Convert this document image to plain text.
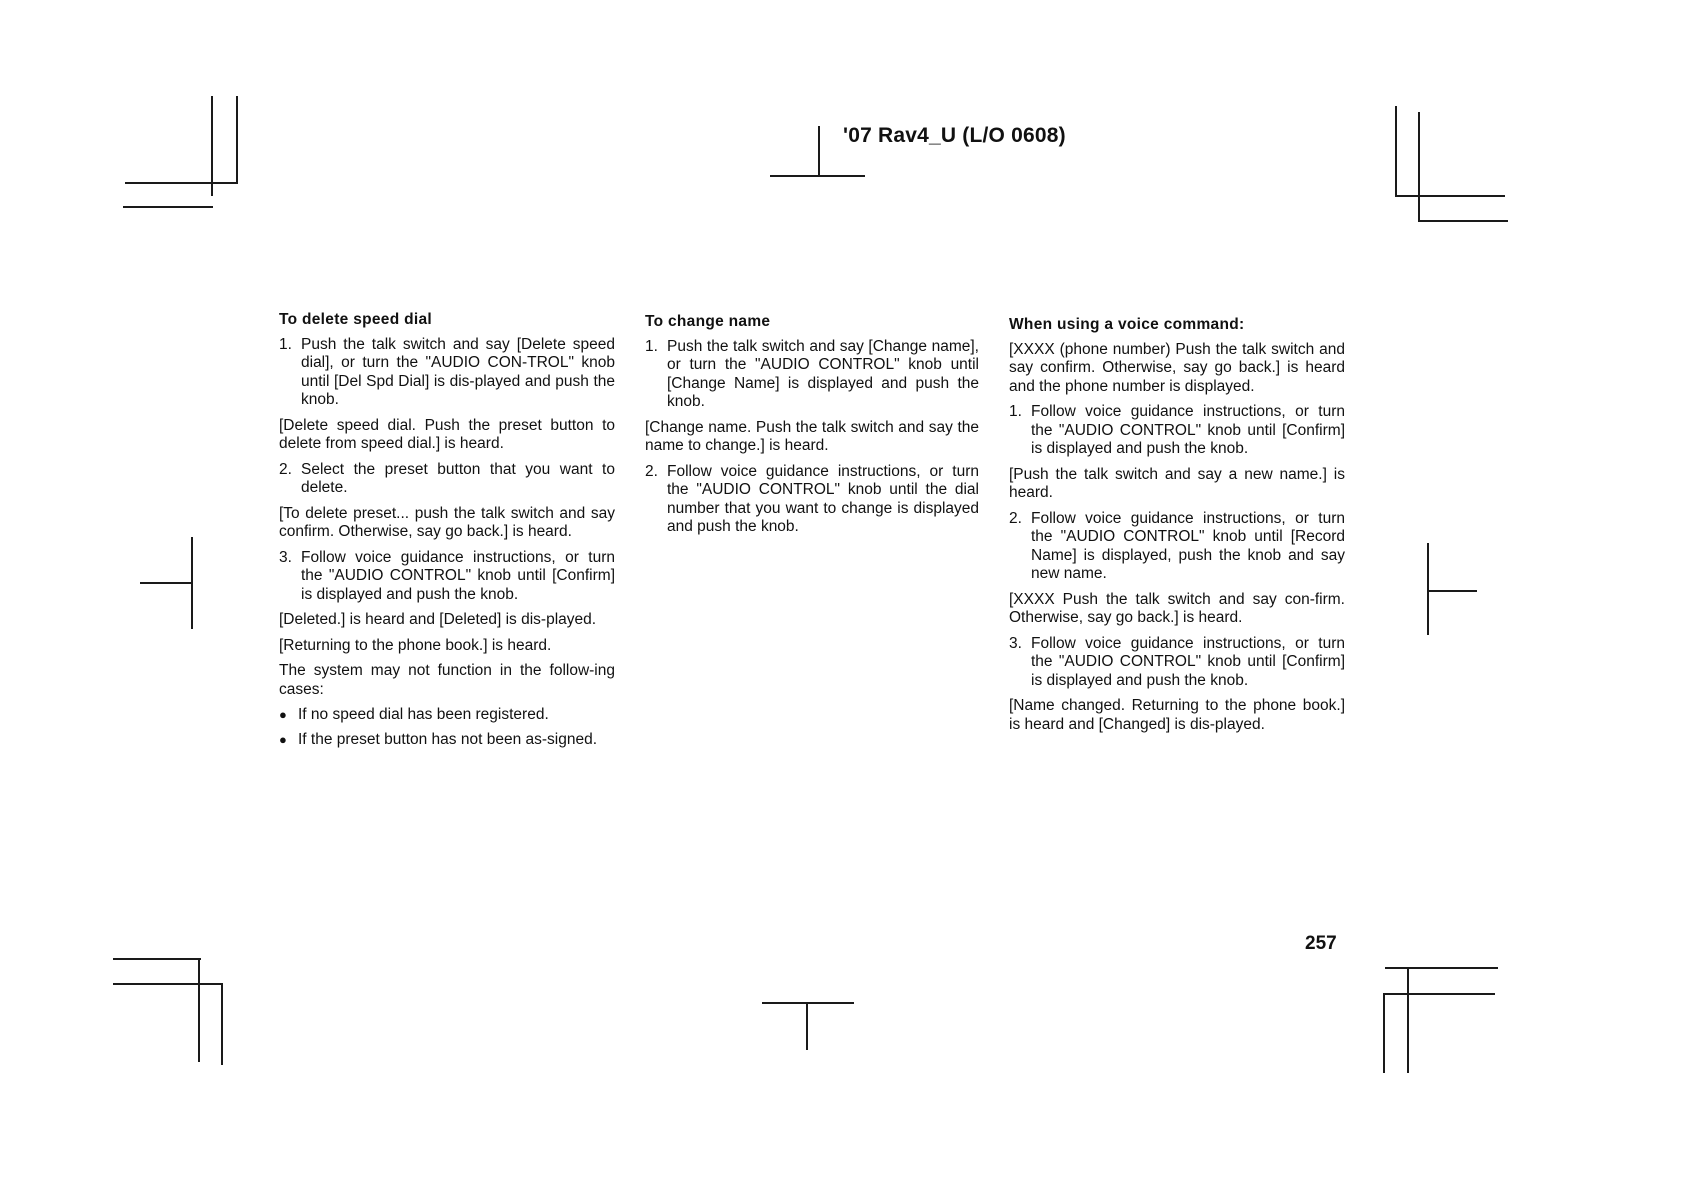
'07 Rav4_U (L/O 0608)

To delete speed dial

1. Push the talk switch and say [Delete speed dial], or turn the "AUDIO CON-TROL" knob until [Del Spd Dial] is dis-played and push the knob.

[Delete speed dial. Push the preset button to delete from speed dial.] is heard.

2. Select the preset button that you want to delete.

[To delete preset... push the talk switch and say confirm. Otherwise, say go back.] is heard.

3. Follow voice guidance instructions, or turn the "AUDIO CONTROL" knob until [Confirm] is displayed and push the knob.

[Deleted.] is heard and [Deleted] is dis-played.

[Returning to the phone book.] is heard.

The system may not function in the follow-ing cases:

● If no speed dial has been registered.
● If the preset button has not been as-signed.

To change name

1. Push the talk switch and say [Change name], or turn the "AUDIO CONTROL" knob until [Change Name] is displayed and push the knob.

[Change name. Push the talk switch and say the name to change.] is heard.

2. Follow voice guidance instructions, or turn the "AUDIO CONTROL" knob until the dial number that you want to change is displayed and push the knob.

When using a voice command:

[XXXX (phone number) Push the talk switch and say confirm. Otherwise, say go back.] is heard and the phone number is displayed.

1. Follow voice guidance instructions, or turn the "AUDIO CONTROL" knob until [Confirm] is displayed and push the knob.

[Push the talk switch and say a new name.] is heard.

2. Follow voice guidance instructions, or turn the "AUDIO CONTROL" knob until [Record Name] is displayed, push the knob and say new name.

[XXXX Push the talk switch and say con-firm. Otherwise, say go back.] is heard.

3. Follow voice guidance instructions, or turn the "AUDIO CONTROL" knob until [Confirm] is displayed and push the knob.

[Name changed. Returning to the phone book.] is heard and [Changed] is dis-played.

257
